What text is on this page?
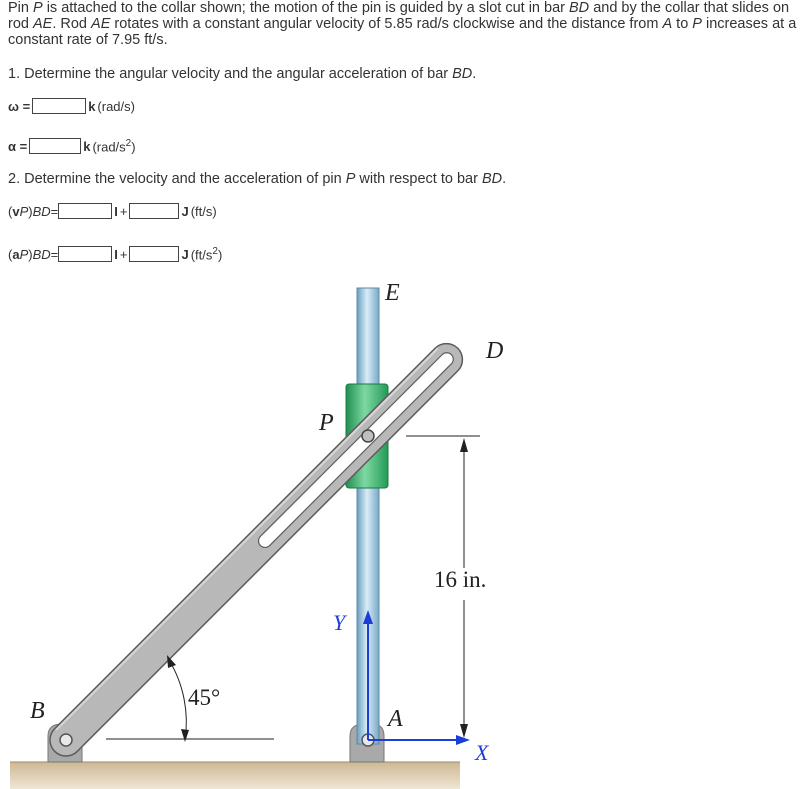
Pin P is attached to the collar shown; the motion of the pin is guided by a slot cut in bar BD and by the collar that slides on rod AE. Rod AE rotates with a constant angular velocity of 5.85 rad/s clockwise and the distance from A to P increases at a constant rate of 7.95 ft/s.
1. Determine the angular velocity and the angular acceleration of bar BD.
ω =	k (rad/s)
α =	k $(rad/s^2)$
2. Determine the velocity and the acceleration of pin P with respect to bar BD.
(vP)BD=	I +	J (ft/s)
(aP)BD=	I +	J $(ft/s^2)$
E
D
P
B	A
Y
X
45°
16 in.
